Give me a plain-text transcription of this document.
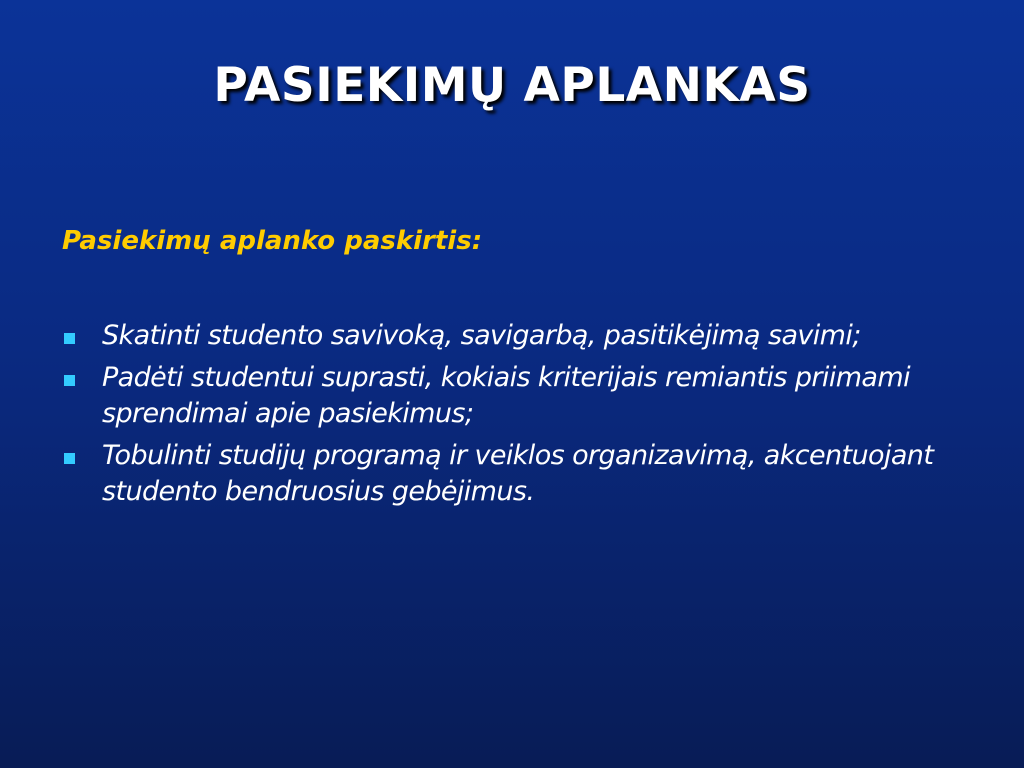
PASIEKIMŲ APLANKAS
Pasiekimų aplanko paskirtis:
Skatinti studento savivoką, savigarbą, pasitikėjimą savimi;
Padėti studentui suprasti, kokiais kriterijais remiantis priimami sprendimai apie pasiekimus;
Tobulinti studijų programą ir veiklos organizavimą, akcentuojant studento bendruosius gebėjimus.
